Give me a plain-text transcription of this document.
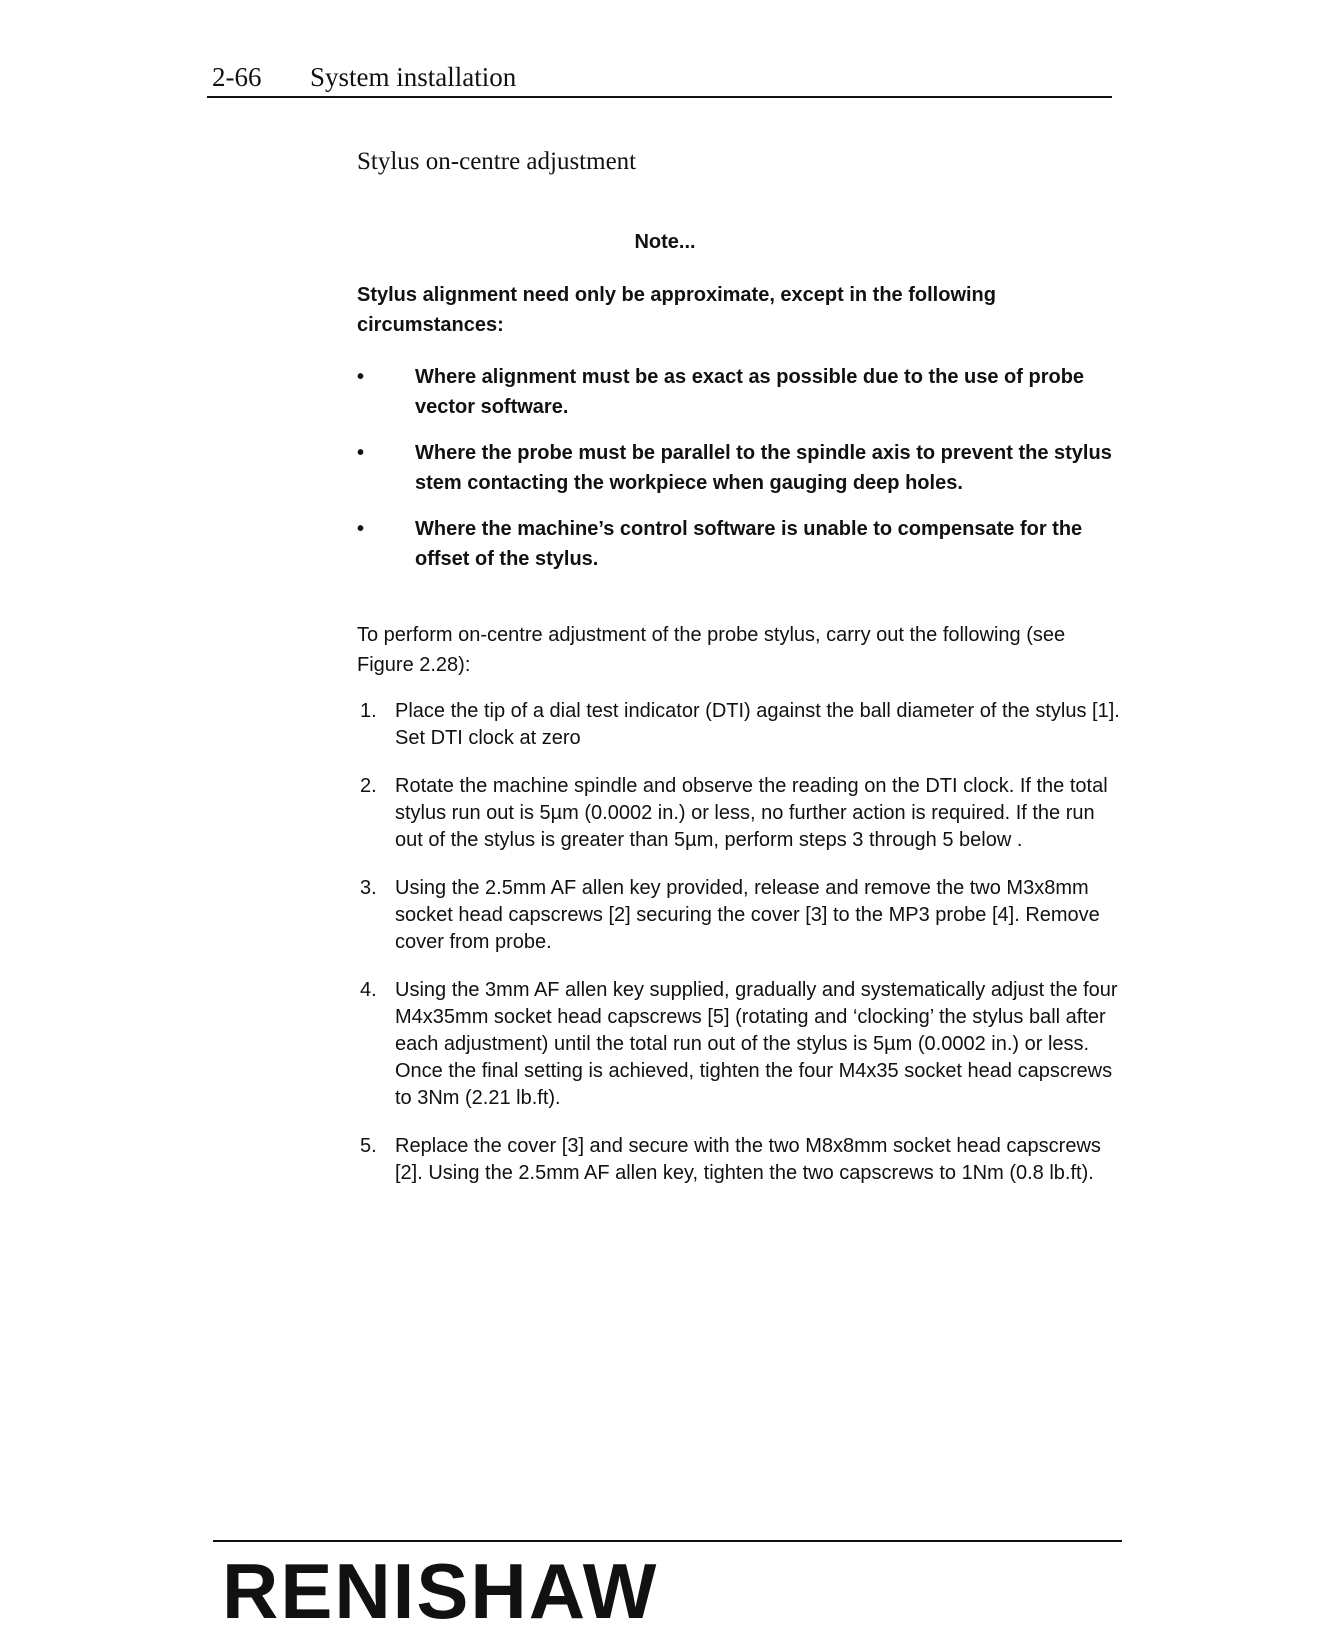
2-66 System installation
Stylus on-centre adjustment
Note...
Stylus alignment need only be approximate, except in the following circumstances:
•	Where alignment must be as exact as possible due to the use of probe vector software.
•	Where the probe must be parallel to the spindle axis to prevent the stylus stem contacting the workpiece when gauging deep holes.
•	Where the machine’s control software is unable to compensate for the offset of the stylus.
To perform on-centre adjustment of the probe stylus, carry out the following (see Figure 2.28):
1. Place the tip of a dial test indicator (DTI) against the ball diameter of the stylus [1]. Set DTI clock at zero
2. Rotate the machine spindle and observe the reading on the DTI clock. If the total stylus run out is 5µm (0.0002 in.) or less, no further action is required. If the run out of the stylus is greater than 5µm, perform steps 3 through 5 below .
3. Using the 2.5mm AF allen key provided, release and remove the two M3x8mm socket head capscrews [2] securing the cover [3] to the MP3 probe [4]. Remove cover from probe.
4. Using the 3mm AF allen key supplied, gradually and systematically adjust the four M4x35mm socket head capscrews [5] (rotating and ‘clocking’ the stylus ball after each adjustment) until the total run out of the stylus is 5µm (0.0002 in.) or less. Once the final setting is achieved, tighten the four M4x35 socket head capscrews to 3Nm (2.21 lb.ft).
5. Replace the cover [3] and secure with the two M8x8mm socket head capscrews [2]. Using the 2.5mm AF allen key, tighten the two capscrews to 1Nm (0.8 lb.ft).
RENISHAW
